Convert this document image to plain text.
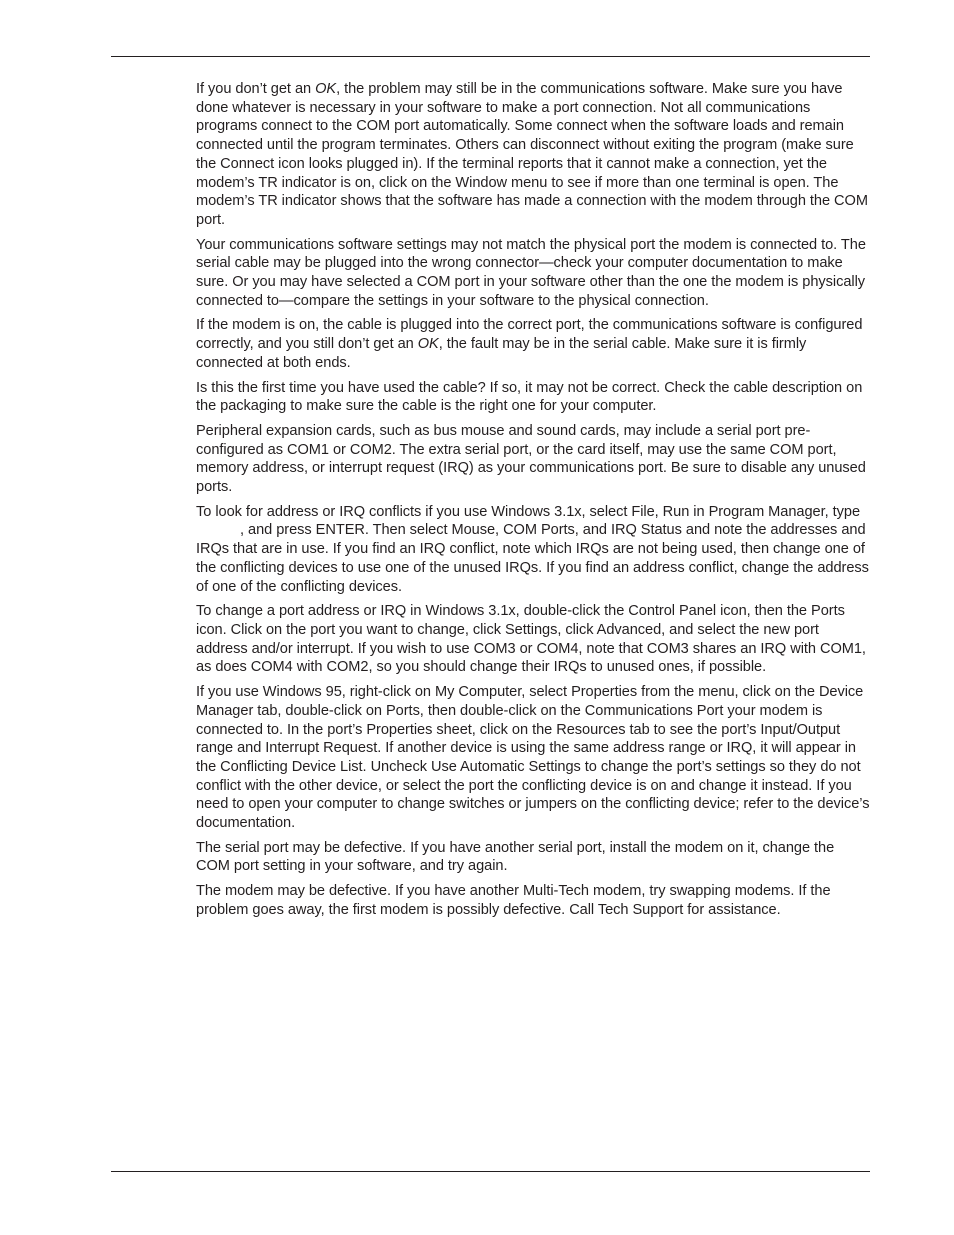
If you don’t get an OK, the problem may still be in the communications software. Make sure you have done whatever is necessary in your software to make a port connection. Not all communications programs connect to the COM port automatically. Some connect when the software loads and remain connected until the program terminates. Others can disconnect without exiting the program (make sure the Connect icon looks plugged in). If the terminal reports that it cannot make a connection, yet the modem’s TR indicator is on, click on the Window menu to see if more than one terminal is open. The modem’s TR indicator shows that the software has made a connection with the modem through the COM port.

Your communications software settings may not match the physical port the modem is connected to. The serial cable may be plugged into the wrong connector—check your computer documentation to make sure. Or you may have selected a COM port in your software other than the one the modem is physically connected to—compare the settings in your software to the physical connection.

If the modem is on, the cable is plugged into the correct port, the communications software is configured correctly, and you still don’t get an OK, the fault may be in the serial cable. Make sure it is firmly connected at both ends.

Is this the first time you have used the cable? If so, it may not be correct. Check the cable description on the packaging to make sure the cable is the right one for your computer.

Peripheral expansion cards, such as bus mouse and sound cards, may include a serial port pre-configured as COM1 or COM2. The extra serial port, or the card itself, may use the same COM port, memory address, or interrupt request (IRQ) as your communications port. Be sure to disable any unused ports.

To look for address or IRQ conflicts if you use Windows 3.1x, select File, Run in Program Manager, type, and press ENTER. Then select Mouse, COM Ports, and IRQ Status and note the addresses and IRQs that are in use. If you find an IRQ conflict, note which IRQs are not being used, then change one of the conflicting devices to use one of the unused IRQs. If you find an address conflict, change the address of one of the conflicting devices.

To change a port address or IRQ in Windows 3.1x, double-click the Control Panel icon, then the Ports icon. Click on the port you want to change, click Settings, click Advanced, and select the new port address and/or interrupt. If you wish to use COM3 or COM4, note that COM3 shares an IRQ with COM1, as does COM4 with COM2, so you should change their IRQs to unused ones, if possible.

If you use Windows 95, right-click on My Computer, select Properties from the menu, click on the Device Manager tab, double-click on Ports, then double-click on the Communications Port your modem is connected to. In the port’s Properties sheet, click on the Resources tab to see the port’s Input/Output range and Interrupt Request. If another device is using the same address range or IRQ, it will appear in the Conflicting Device List. Uncheck Use Automatic Settings to change the port’s settings so they do not conflict with the other device, or select the port the conflicting device is on and change it instead. If you need to open your computer to change switches or jumpers on the conflicting device; refer to the device’s documentation.

The serial port may be defective. If you have another serial port, install the modem on it, change the COM port setting in your software, and try again.

The modem may be defective. If you have another Multi-Tech modem, try swapping modems. If the problem goes away, the first modem is possibly defective. Call Tech Support for assistance.
